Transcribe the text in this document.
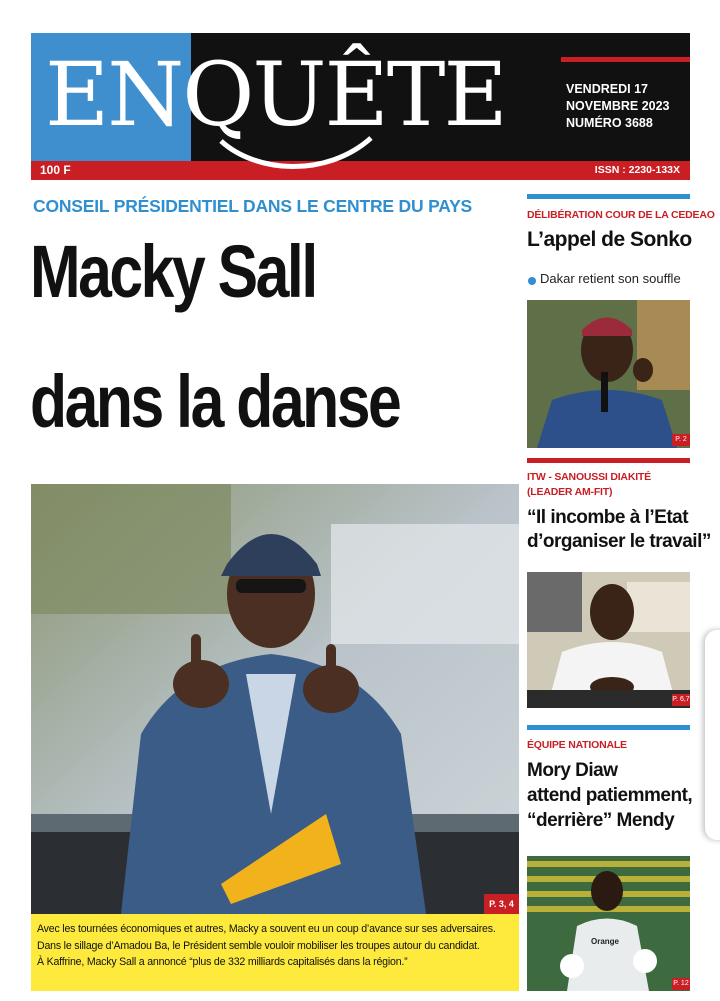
ENQUÊTE	VENDREDI 17
NOVEMBRE 2023
NUMÉRO 3688
100 F	ISSN : 2230-133X
CONSEIL PRÉSIDENTIEL DANS LE CENTRE DU PAYS
Macky Sall
dans la danse
P. 3, 4

Avec les tournées économiques et autres, Macky a souvent eu un coup d’avance sur ses adversaires.

Dans le sillage d’Amadou Ba, le Président semble vouloir mobiliser les troupes autour du candidat.

À Kaffrine, Macky Sall a annoncé “plus de 332 milliards capitalisés dans la région.”

DÉLIBÉRATION COUR DE LA CEDEAO
L’appel de Sonko
Dakar retient son souffle
P. 2
ITW - SANOUSSI DIAKITÉ
(LEADER AM-FIT)
“Il incombe à l’Etat
d’organiser le travail”
P. 6,7
ÉQUIPE NATIONALE
Mory Diaw
attend patiemment,
“derrière” Mendy
Orange
P. 12
